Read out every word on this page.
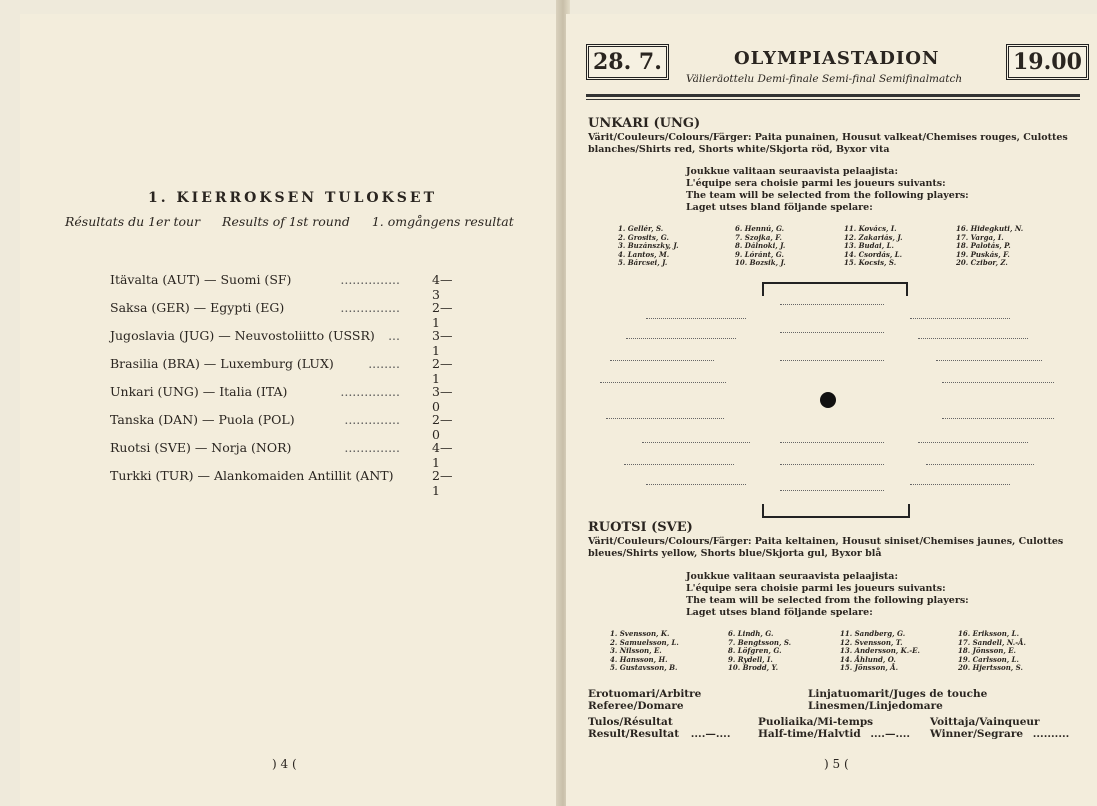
1. KIERROKSEN TULOKSET
Résultats du 1er tour Results of 1st round 1. omgångens resultat
Itävalta (AUT) — Suomi (SF)	...............	4—3
Saksa (GER) — Egypti (EG)	...............	2—1
Jugoslavia (JUG) — Neuvostoliitto (USSR) ...	3—1
Brasilia (BRA) — Luxemburg (LUX)	........	2—1
Unkari (UNG) — Italia (ITA)	...............	3—0
Tanska (DAN) — Puola (POL)	..............	2—0
Ruotsi (SVE) — Norja (NOR)	..............	4—1
Turkki (TUR) — Alankomaiden Antillit (ANT)	2—1
) 4 (
28. 7.	OLYMPIASTADION
Välieräottelu Demi-finale Semi-final Semifinalmatch
19.00
UNKARI (UNG)
Värit/Couleurs/Colours/Färger: Paita punainen, Housut valkeat/Chemises rouges, Culottes blanches/Shirts red, Shorts white/Skjorta röd, Byxor vita
Joukkue valitaan seuraavista pelaajista:
L'équipe sera choisie parmi les joueurs suivants:
The team will be selected from the following players:
Laget utses bland följande spelare:
1. Gellér, S.
2. Grosits, G.
3. Buzánszky, J.
4. Lantos, M.
5. Bárcsei, J.
6. Hennú, G.
7. Szojka, F.
8. Dálnoki, J.
9. Lóránt, G.
10. Bozsik, J.
11. Kovács, I.
12. Zakariás, J.
13. Budai, L.
14. Csordás, L.
15. Kocsis, S.
16. Hidegkuti, N.
17. Varga, I.
18. Palotás, P.
19. Puskás, F.
20. Czibor, Z.
RUOTSI (SVE)
Värit/Couleurs/Colours/Färger: Paita keltainen, Housut siniset/Chemises jaunes, Culottes bleues/Shirts yellow, Shorts blue/Skjorta gul, Byxor blå
Joukkue valitaan seuraavista pelaajista:
L'équipe sera choisie parmi les joueurs suivants:
The team will be selected from the following players:
Laget utses bland följande spelare:
1. Svensson, K.
2. Samuelsson, L.
3. Nilsson, E.
4. Hansson, H.
5. Gustavsson, B.
6. Lindh, G.
7. Bengtsson, S.
8. Löfgren, G.
9. Rydell, I.
10. Brodd, Y.
11. Sandberg, G.
12. Svensson, T.
13. Andersson, K.-E.
14. Åhlund, O.
15. Jönsson, Å.
16. Eriksson, L.
17. Sandell, N.-Å.
18. Jönsson, E.
19. Carlsson, L.
20. Hjertsson, S.
Erotuomari/Arbitre
Referee/Domare
Linjatuomarit/Juges de touche
Linesmen/Linjedomare
Tulos/Résultat
Result/Resultat ....—....
Puoliaika/Mi-temps
Half-time/Halvtid ....—....
Voittaja/Vainqueur
Winner/Segrare ..........
) 5 (
